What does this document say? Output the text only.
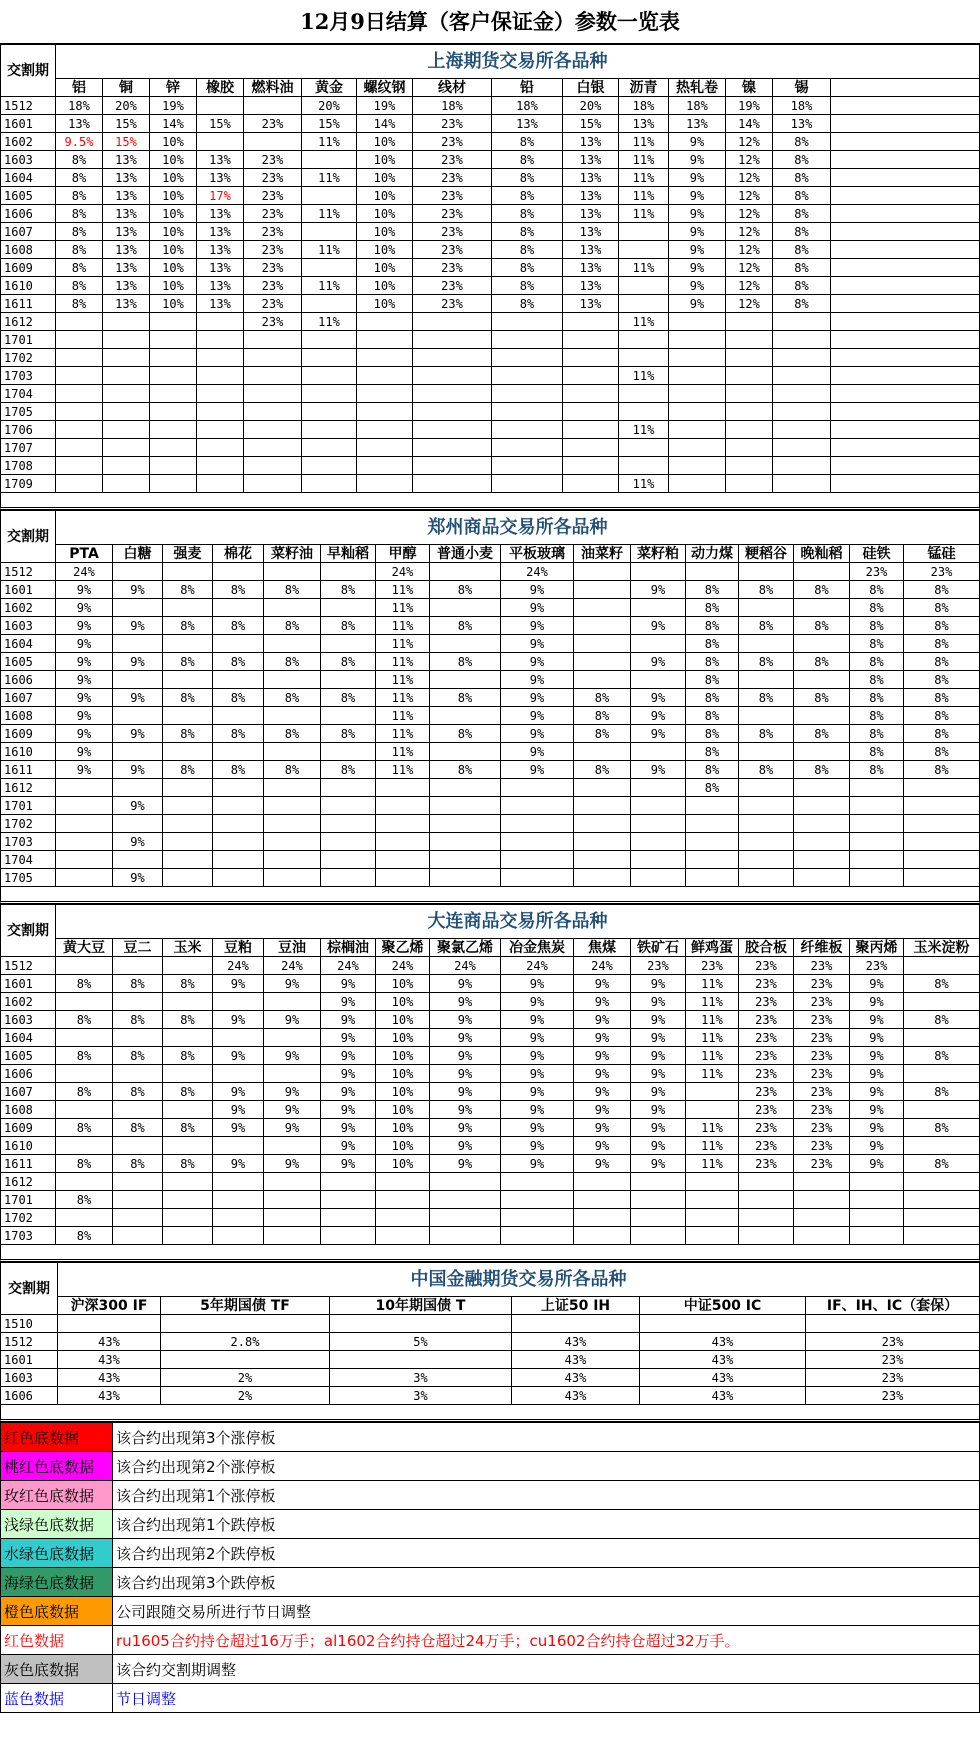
12月9日结算（客户保证金）参数一览表
交割期	上海期货交易所各品种														
	铝	铜	锌	橡胶	燃料油	黄金	螺纹钢	线材	铅	白银	沥青	热轧卷	镍	锡	
1512	18%	20%	19%			20%	19%	18%	18%	20%	18%	18%	19%	18%	
1601	13%	15%	14%	15%	23%	15%	14%	23%	13%	15%	13%	13%	14%	13%	
1602	9.5%	15%	10%			11%	10%	23%	8%	13%	11%	9%	12%	8%	
1603	8%	13%	10%	13%	23%		10%	23%	8%	13%	11%	9%	12%	8%	
1604	8%	13%	10%	13%	23%	11%	10%	23%	8%	13%	11%	9%	12%	8%	
1605	8%	13%	10%	17%	23%		10%	23%	8%	13%	11%	9%	12%	8%	
1606	8%	13%	10%	13%	23%	11%	10%	23%	8%	13%	11%	9%	12%	8%	
1607	8%	13%	10%	13%	23%		10%	23%	8%	13%		9%	12%	8%	
1608	8%	13%	10%	13%	23%	11%	10%	23%	8%	13%		9%	12%	8%	
1609	8%	13%	10%	13%	23%		10%	23%	8%	13%	11%	9%	12%	8%	
1610	8%	13%	10%	13%	23%	11%	10%	23%	8%	13%		9%	12%	8%	
1611	8%	13%	10%	13%	23%		10%	23%	8%	13%		9%	12%	8%	
1612					23%	11%					11%				
1701															
1702															
1703											11%				
1704															
1705															
1706											11%				
1707															
1708															
1709											11%				
交割期	郑州商品交易所各品种															
	PTA	白糖	强麦	棉花	菜籽油	早籼稻	甲醇	普通小麦	平板玻璃	油菜籽	菜籽粕	动力煤	粳稻谷	晚籼稻	硅铁	锰硅
1512	24%						24%		24%						23%	23%
1601	9%	9%	8%	8%	8%	8%	11%	8%	9%		9%	8%	8%	8%	8%	8%
1602	9%						11%		9%			8%			8%	8%
1603	9%	9%	8%	8%	8%	8%	11%	8%	9%		9%	8%	8%	8%	8%	8%
1604	9%						11%		9%			8%			8%	8%
1605	9%	9%	8%	8%	8%	8%	11%	8%	9%		9%	8%	8%	8%	8%	8%
1606	9%						11%		9%			8%			8%	8%
1607	9%	9%	8%	8%	8%	8%	11%	8%	9%	8%	9%	8%	8%	8%	8%	8%
1608	9%						11%		9%	8%	9%	8%			8%	8%
1609	9%	9%	8%	8%	8%	8%	11%	8%	9%	8%	9%	8%	8%	8%	8%	8%
1610	9%						11%		9%			8%			8%	8%
1611	9%	9%	8%	8%	8%	8%	11%	8%	9%	8%	9%	8%	8%	8%	8%	8%
1612												8%				
1701		9%														
1702																
1703		9%														
1704																
1705		9%														
交割期	大连商品交易所各品种															
	黄大豆	豆二	玉米	豆粕	豆油	棕榈油	聚乙烯	聚氯乙烯	冶金焦炭	焦煤	铁矿石	鲜鸡蛋	胶合板	纤维板	聚丙烯	玉米淀粉
1512				24%	24%	24%	24%	24%	24%	24%	23%	23%	23%	23%	23%	
1601	8%	8%	8%	9%	9%	9%	10%	9%	9%	9%	9%	11%	23%	23%	9%	8%
1602						9%	10%	9%	9%	9%	9%	11%	23%	23%	9%	
1603	8%	8%	8%	9%	9%	9%	10%	9%	9%	9%	9%	11%	23%	23%	9%	8%
1604						9%	10%	9%	9%	9%	9%	11%	23%	23%	9%	
1605	8%	8%	8%	9%	9%	9%	10%	9%	9%	9%	9%	11%	23%	23%	9%	8%
1606						9%	10%	9%	9%	9%	9%	11%	23%	23%	9%	
1607	8%	8%	8%	9%	9%	9%	10%	9%	9%	9%	9%		23%	23%	9%	8%
1608				9%	9%	9%	10%	9%	9%	9%	9%		23%	23%	9%	
1609	8%	8%	8%	9%	9%	9%	10%	9%	9%	9%	9%	11%	23%	23%	9%	8%
1610						9%	10%	9%	9%	9%	9%	11%	23%	23%	9%	
1611	8%	8%	8%	9%	9%	9%	10%	9%	9%	9%	9%	11%	23%	23%	9%	8%
1612																
1701	8%															
1702																
1703	8%															
交割期	中国金融期货交易所各品种					
	沪深300 IF	5年期国债 TF	10年期国债 T	上证50 IH	中证500 IC	IF、IH、IC（套保）
1510						
1512	43%	2.8%	5%	43%	43%	23%
1601	43%			43%	43%	23%
1603	43%	2%	3%	43%	43%	23%
1606	43%	2%	3%	43%	43%	23%
红色底数据	该合约出现第3个涨停板
桃红色底数据	该合约出现第2个涨停板
玫红色底数据	该合约出现第1个涨停板
浅绿色底数据	该合约出现第1个跌停板
水绿色底数据	该合约出现第2个跌停板
海绿色底数据	该合约出现第3个跌停板
橙色底数据	公司跟随交易所进行节日调整
红色数据	ru1605合约持仓超过16万手；al1602合约持仓超过24万手；cu1602合约持仓超过32万手。
灰色底数据	该合约交割期调整
蓝色数据	节日调整
